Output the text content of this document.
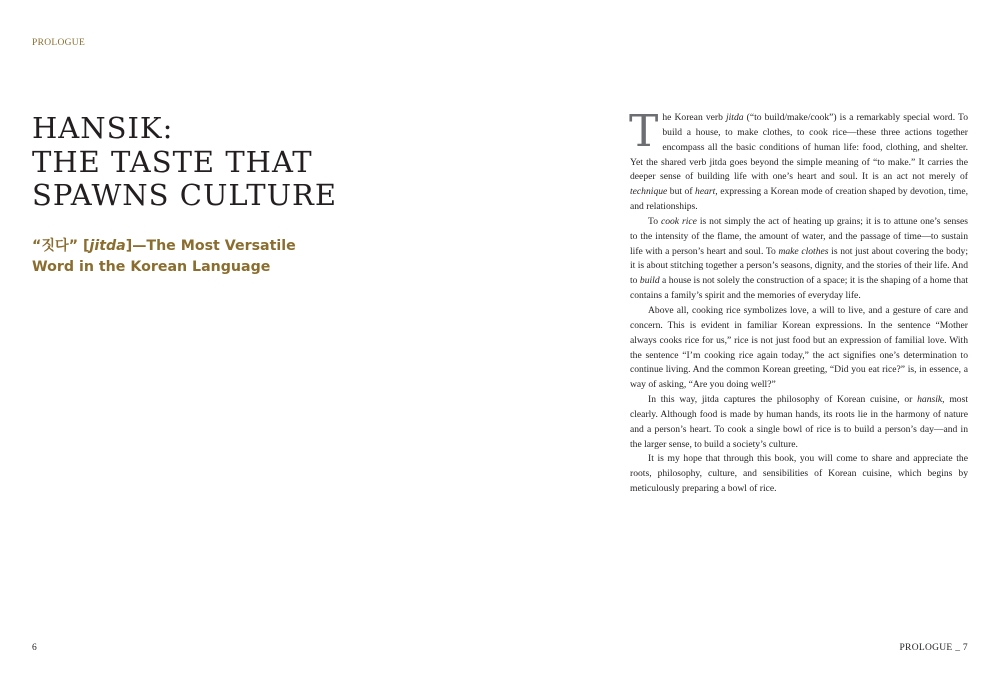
PROLOGUE
HANSIK:
THE TASTE THAT
SPAWNS CULTURE
“짓다” [jitda]—The Most Versatile Word in the Korean Language

The Korean verb jitda (“to build/make/cook”) is a remarkably special word. To build a house, to make clothes, to cook rice—these three actions together encompass all the basic conditions of human life: food, clothing, and shelter. Yet the shared verb jitda goes beyond the simple meaning of “to make.” It carries the deeper sense of building life with one’s heart and soul. It is an act not merely of technique but of heart, expressing a Korean mode of creation shaped by devotion, time, and relationships.

To cook rice is not simply the act of heating up grains; it is to attune one’s senses to the intensity of the flame, the amount of water, and the passage of time—to sustain life with a person’s heart and soul. To make clothes is not just about covering the body; it is about stitching together a person’s seasons, dignity, and the stories of their life. And to build a house is not solely the construction of a space; it is the shaping of a home that contains a family’s spirit and the memories of everyday life.

Above all, cooking rice symbolizes love, a will to live, and a gesture of care and concern. This is evident in familiar Korean expressions. In the sentence “Mother always cooks rice for us,” rice is not just food but an expression of familial love. With the sentence “I’m cooking rice again today,” the act signifies one’s determination to continue living. And the common Korean greeting, “Did you eat rice?” is, in essence, a way of asking, “Are you doing well?”

In this way, jitda captures the philosophy of Korean cuisine, or hansik, most clearly. Although food is made by human hands, its roots lie in the harmony of nature and a person’s heart. To cook a single bowl of rice is to build a person’s day—and in the larger sense, to build a society’s culture.

It is my hope that through this book, you will come to share and appreciate the roots, philosophy, culture, and sensibilities of Korean cuisine, which begins by meticulously preparing a bowl of rice.

6	PROLOGUE _ 7
